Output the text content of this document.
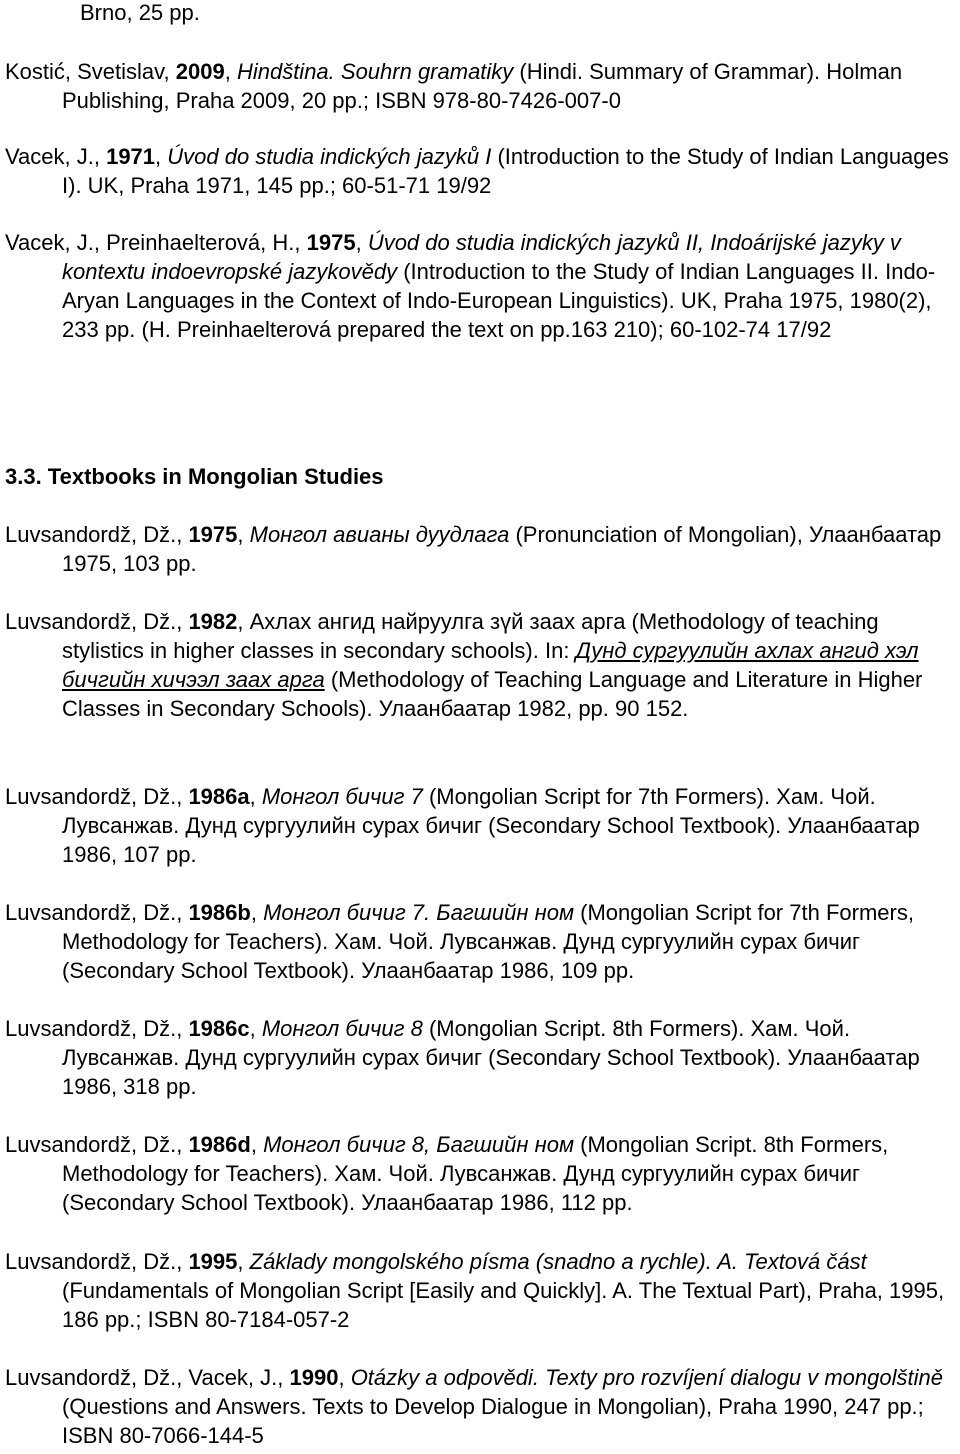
Brno, 25 pp.
Kostić, Svetislav, 2009, Hindština. Souhrn gramatiky (Hindi. Summary of Grammar). Holman Publishing, Praha 2009, 20 pp.; ISBN 978-80-7426-007-0
Vacek, J., 1971, Úvod do studia indických jazyků I (Introduction to the Study of Indian Languages I). UK, Praha 1971, 145 pp.; 60-51-71 19/92
Vacek, J., Preinhaelterová, H., 1975, Úvod do studia indických jazyků II, Indoárijské jazyky v kontextu indoevropské jazykovědy (Introduction to the Study of Indian Languages II. Indo-Aryan Languages in the Context of Indo-European Linguistics). UK, Praha 1975, 1980(2), 233 pp. (H. Preinhaelterová prepared the text on pp.163 210); 60-102-74 17/92
3.3. Textbooks in Mongolian Studies
Luvsandordž, Dž., 1975, Монгол авианы дуудлага (Pronunciation of Mongolian), Улаанбаатар 1975, 103 pp.
Luvsandordž, Dž., 1982, Ахлах ангид найруулга зүй заах арга (Methodology of teaching stylistics in higher classes in secondary schools). In: Дунд сургуулийн ахлах ангид хэл бичгийн хичээл заах арга (Methodology of Teaching Language and Literature in Higher Classes in Secondary Schools). Улаанбаатар 1982, pp. 90 152.
Luvsandordž, Dž., 1986a, Монгол бичиг 7 (Mongolian Script for 7th Formers). Хам. Чой. Лувсанжав. Дунд сургуулийн сурах бичиг (Secondary School Textbook). Улаанбаатар 1986, 107 pp.
Luvsandordž, Dž., 1986b, Монгол бичиг 7. Багшийн ном (Mongolian Script for 7th Formers, Methodology for Teachers). Хам. Чой. Лувсанжав. Дунд сургуулийн сурах бичиг (Secondary School Textbook). Улаанбаатар 1986, 109 pp.
Luvsandordž, Dž., 1986c, Монгол бичиг 8 (Mongolian Script. 8th Formers). Хам. Чой. Лувсанжав. Дунд сургуулийн сурах бичиг (Secondary School Textbook). Улаанбаатар 1986, 318 pp.
Luvsandordž, Dž., 1986d, Монгол бичиг 8, Багшийн ном (Mongolian Script. 8th Formers, Methodology for Teachers). Хам. Чой. Лувсанжав. Дунд сургуулийн сурах бичиг (Secondary School Textbook). Улаанбаатар 1986, 112 pp.
Luvsandordž, Dž., 1995, Základy mongolského písma (snadno a rychle). A. Textová část (Fundamentals of Mongolian Script [Easily and Quickly]. A. The Textual Part), Praha, 1995, 186 pp.; ISBN 80-7184-057-2
Luvsandordž, Dž., Vacek, J., 1990, Otázky a odpovědi. Texty pro rozvíjení dialogu v mongolštině (Questions and Answers. Texts to Develop Dialogue in Mongolian), Praha 1990, 247 pp.; ISBN 80-7066-144-5
